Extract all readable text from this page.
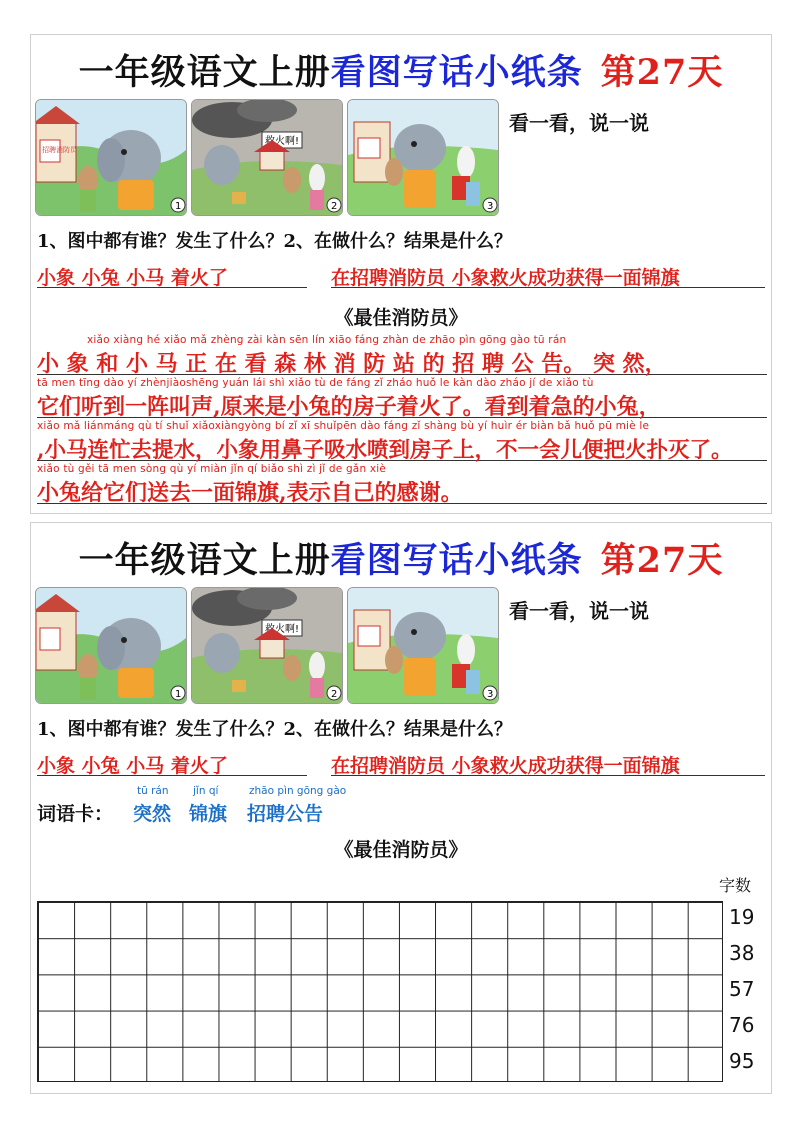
一年级语文上册看图写话小纸条 第27天
招聘消防员
1
救火啊!
2	3
看一看，说一说
1、图中都有谁？发生了什么？2、在做什么？结果是什么？
小象 小兔 小马 着火了	在招聘消防员 小象救火成功获得一面锦旗
《最佳消防员》
xiǎo xiàng hé xiǎo mǎ zhèng zài kàn sēn lín xiāo fáng zhàn de zhāo pìn gōng gào tū rán
小 象 和 小 马 正 在 看 森 林 消 防 站 的 招 聘 公 告。 突 然，
tā men tīng dào yí zhènjiàoshēng yuán lái shì xiǎo tù de fáng zǐ zháo huǒ le kàn dào zháo jí de xiǎo tù
它们听到一阵叫声,原来是小兔的房子着火了。看到着急的小兔，
xiǎo mǎ liánmáng qù tí shuǐ xiǎoxiàngyòng bí zǐ xī shuǐpēn dào fáng zǐ shàng bù yí huìr ér biàn bǎ huǒ pū miè le
,小马连忙去提水，小象用鼻子吸水喷到房子上，不一会儿便把火扑灭了。
xiǎo tù gěi tā men sòng qù yí miàn jǐn qí biǎo shì zì jǐ de gǎn xiè
小兔给它们送去一面锦旗,表示自己的感谢。
一年级语文上册看图写话小纸条 第27天
1
救火啊!
2	3
看一看，说一说
1、图中都有谁？发生了什么？2、在做什么？结果是什么？
小象 小兔 小马 着火了	在招聘消防员 小象救火成功获得一面锦旗
词语卡：
tū rán
突然
jǐn qí
锦旗
zhāo pìn gōng gào
招聘公告
《最佳消防员》
字数
19
38
57
76
95
